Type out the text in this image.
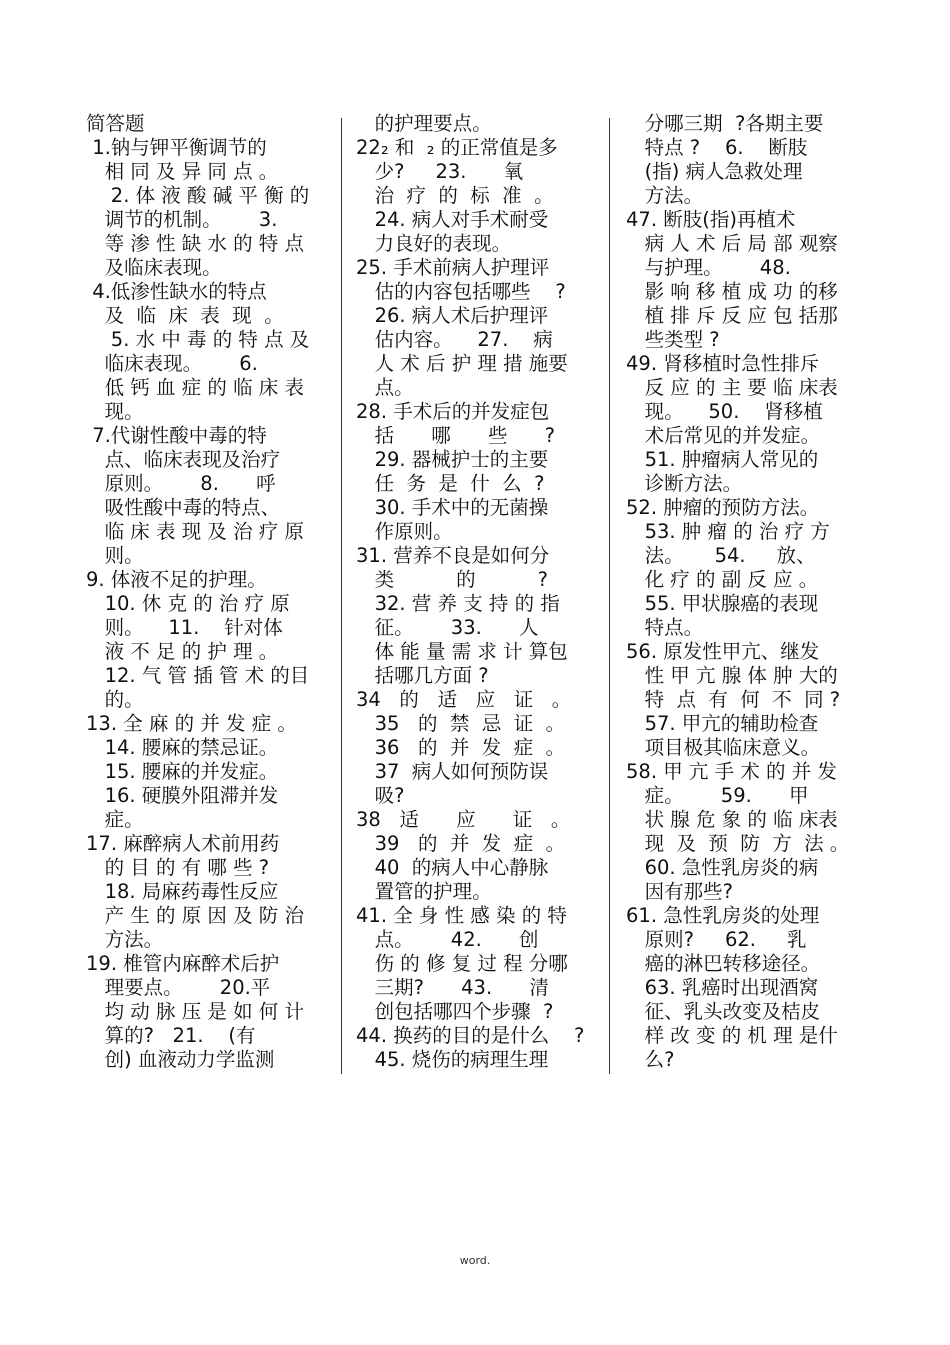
简答题
1.钠与钾平衡调节的
相 同 及 异 同 点 。
2. 体 液 酸 碱 平 衡 的
调节的机制。      3.
等 渗 性 缺 水 的 特 点
及临床表现。
4.低渗性缺水的特点
及  临  床  表  现  。
5. 水 中 毒 的 特 点 及
临床表现。      6.
低 钙 血 症 的 临 床 表
现。
7.代谢性酸中毒的特
点、临床表现及治疗
原则。      8.      呼
吸性酸中毒的特点、
临 床 表 现 及 治 疗 原
则。
9. 体液不足的护理。
10. 休 克 的 治 疗 原
则。    11.    针对体
液 不 足 的 护 理 。
12. 气 管 插 管 术 的目
的。
13. 全 麻 的 并 发 症 。
14. 腰麻的禁忌证。
15. 腰麻的并发症。
16. 硬膜外阻滞并发
症。
17. 麻醉病人术前用药
的 目 的 有 哪 些 ?
18. 局麻药毒性反应
产 生 的 原 因 及 防 治
方法。
19. 椎管内麻醉术后护
理要点。      20.平
均 动 脉 压 是 如 何 计
算的?   21.    (有
创) 血液动力学监测
的护理要点。
22₂ 和  ₂ 的正常值是多
少?     23.      氧
治  疗  的  标  准  。
24. 病人对手术耐受
力良好的表现。
25. 手术前病人护理评
估的内容包括哪些    ?
26. 病人术后护理评
估内容。    27.    病
人 术 后 护 理 措 施要
点。
28. 手术后的并发症包
括      哪      些      ?
29. 器械护士的主要
任  务  是  什  么  ?
30. 手术中的无菌操
作原则。
31. 营养不良是如何分
类          的          ?
32. 营 养 支 持 的 指
征。      33.      人
体 能 量 需 求 计 算包
括哪几方面 ?
34   的   适   应   证   。
35   的  禁  忌  证  。
36   的  并  发  症  。
37  病人如何预防误
吸?
38   适      应      证   。
39   的  并  发  症  。
40  的病人中心静脉
置管的护理。
41. 全 身 性 感 染 的 特
点。      42.      创
伤 的 修 复 过 程 分哪
三期?      43.      清
创包括哪四个步骤  ?
44. 换药的目的是什么    ?
45. 烧伤的病理生理
分哪三期  ?各期主要
特点 ?    6.    断肢
(指) 病人急救处理
方法。
47. 断肢(指)再植术
病 人 术 后 局 部 观察
与护理。      48.
影 响 移 植 成 功 的移
植 排 斥 反 应 包 括那
些类型 ?
49. 肾移植时急性排斥
反 应 的 主 要 临 床表
现。    50.    肾移植
术后常见的并发症。
51. 肿瘤病人常见的
诊断方法。
52. 肿瘤的预防方法。
53. 肿 瘤 的 治 疗 方
法。     54.     放、
化 疗 的 副 反 应 。
55. 甲状腺癌的表现
特点。
56. 原发性甲亢、继发
性 甲 亢 腺 体 肿 大的
特  点  有  何  不  同 ?
57. 甲亢的辅助检查
项目极其临床意义。
58. 甲 亢 手 术 的 并 发
症。      59.      甲
状 腺 危 象 的 临 床表
现  及  预  防  方  法 。
60. 急性乳房炎的病
因有那些?
61. 急性乳房炎的处理
原则?     62.     乳
癌的淋巴转移途径。
63. 乳癌时出现酒窝
征、乳头改变及桔皮
样 改 变 的 机 理 是什
么?
word.
